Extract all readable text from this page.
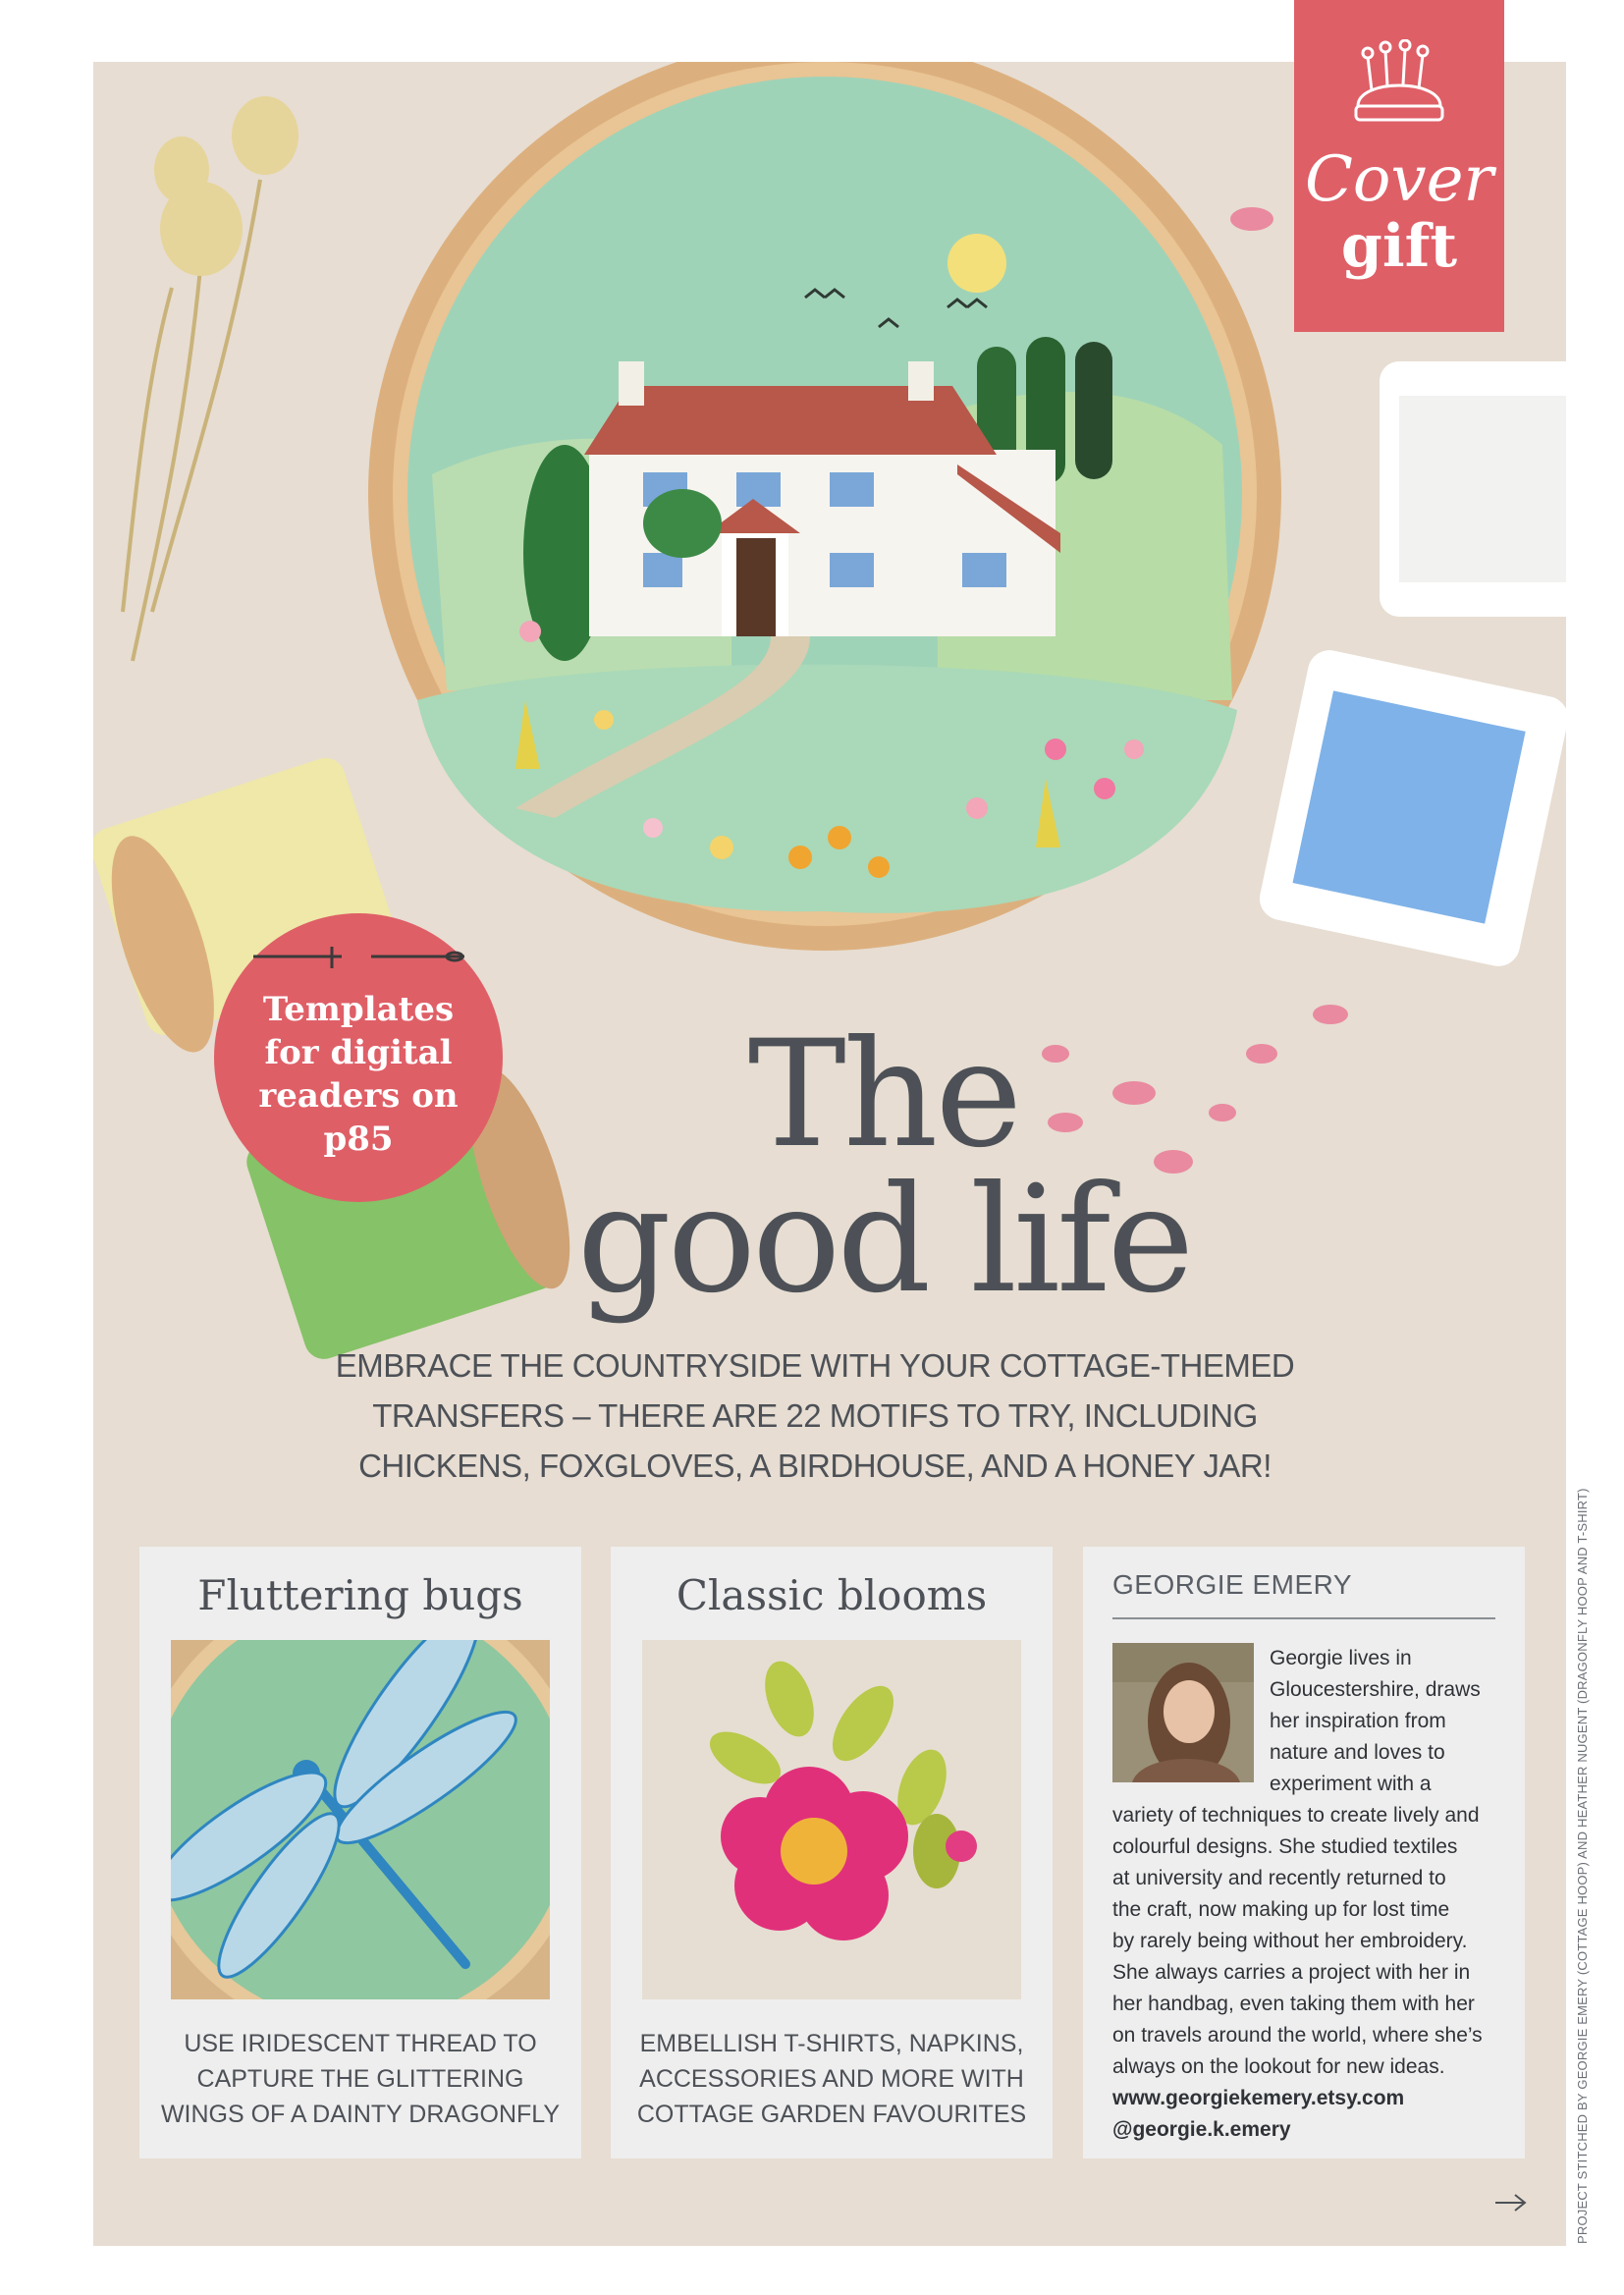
Cover
gift
Templates
for digital
readers on
p85	The
good life
EMBRACE THE COUNTRYSIDE WITH YOUR COTTAGE-THEMED
TRANSFERS – THERE ARE 22 MOTIFS TO TRY, INCLUDING
CHICKENS, FOXGLOVES, A BIRDHOUSE, AND A HONEY JAR!
Fluttering bugs
USE IRIDESCENT THREAD TO
CAPTURE THE GLITTERING
WINGS OF A DAINTY DRAGONFLY
Classic blooms
EMBELLISH T-SHIRTS, NAPKINS,
ACCESSORIES AND MORE WITH
COTTAGE GARDEN FAVOURITES
GEORGIE EMERY
Georgie lives in
Gloucestershire, draws
her inspiration from
nature and loves to
experiment with a
variety of techniques to create lively and
colourful designs. She studied textiles
at university and recently returned to
the craft, now making up for lost time
by rarely being without her embroidery.
She always carries a project with her in
her handbag, even taking them with her
on travels around the world, where she’s
always on the lookout for new ideas.
www.georgiekemery.etsy.com
@georgie.k.emery	PROJECT STITCHED BY GEORGIE EMERY (COTTAGE HOOP) AND HEATHER NUGENT (DRAGONFLY HOOP AND T-SHIRT)
